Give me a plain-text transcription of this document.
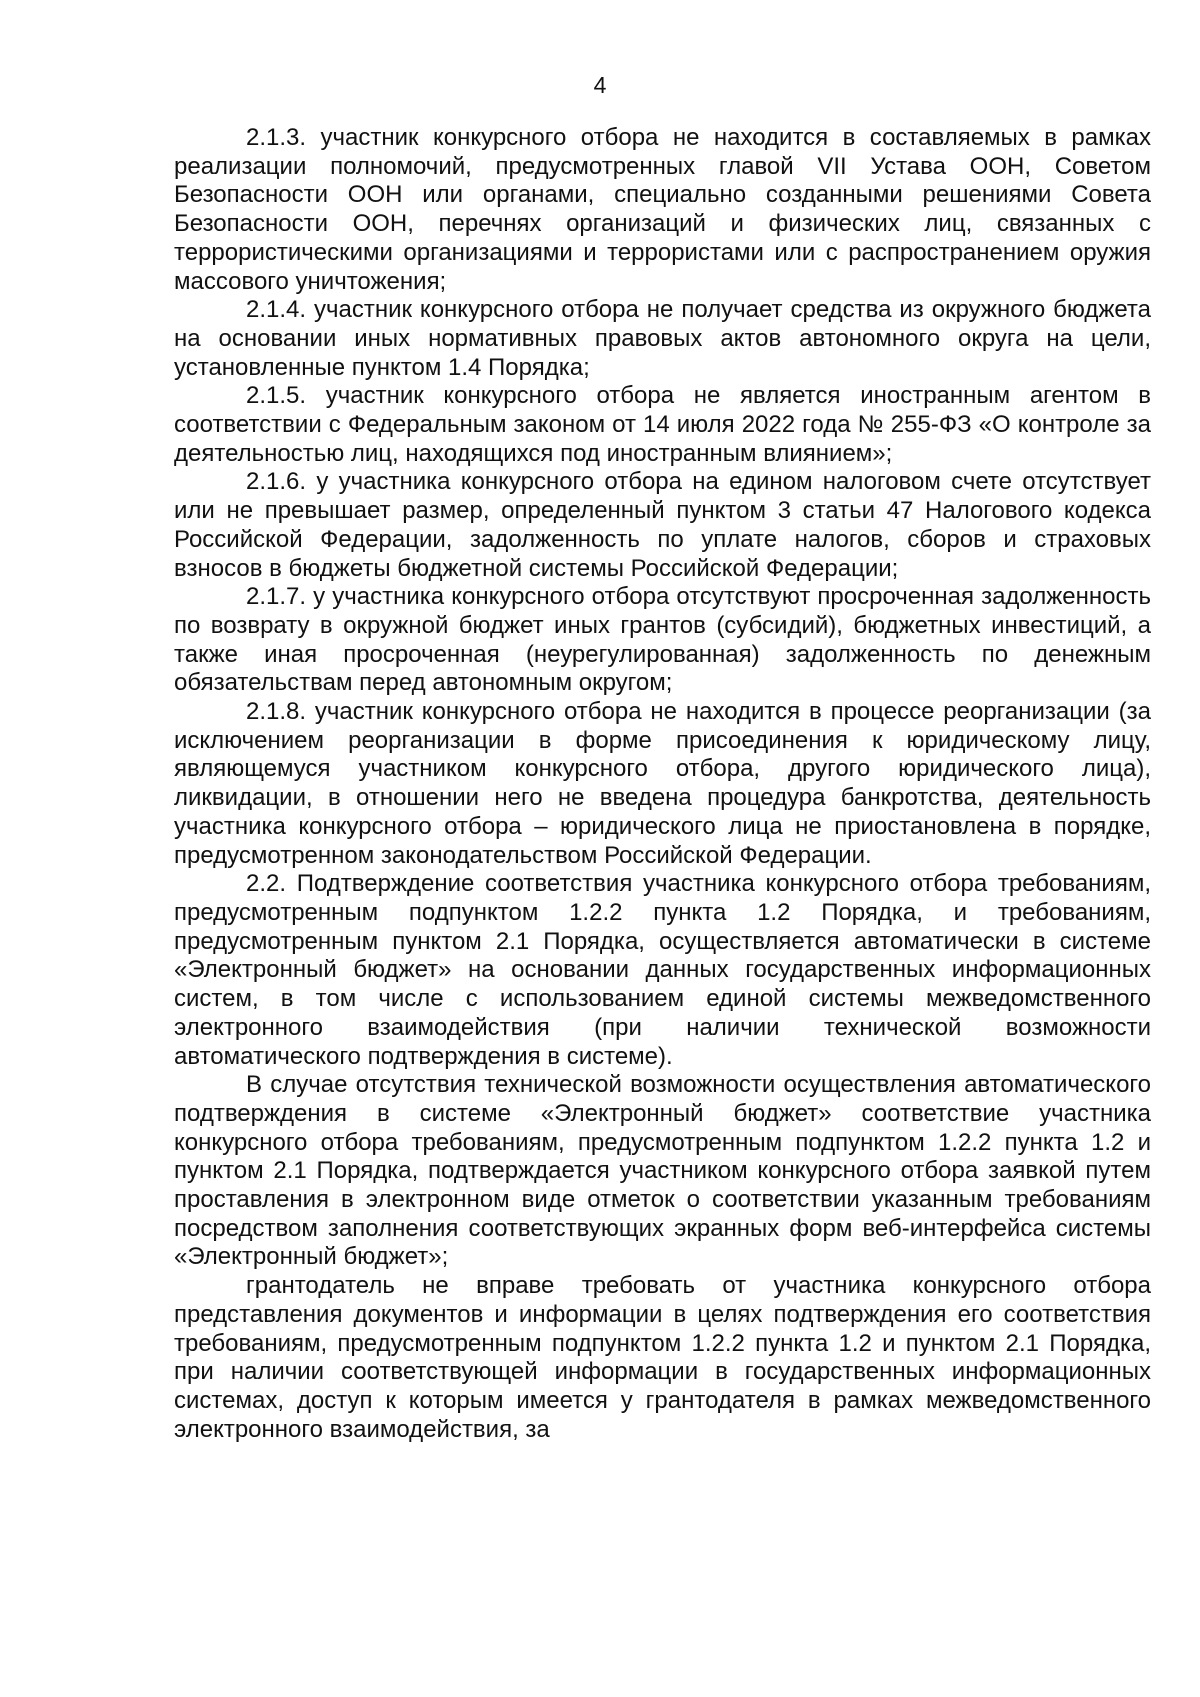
4

2.1.3. участник конкурсного отбора не находится в составляемых в рамках реализации полномочий, предусмотренных главой VII Устава ООН, Советом Безопасности ООН или органами, специально созданными решениями Совета Безопасности ООН, перечнях организаций и физических лиц, связанных с террористическими организациями и террористами или с распространением оружия массового уничтожения;

2.1.4. участник конкурсного отбора не получает средства из окружного бюджета на основании иных нормативных правовых актов автономного округа на цели, установленные пунктом 1.4 Порядка;

2.1.5. участник конкурсного отбора не является иностранным агентом в соответствии с Федеральным законом от 14 июля 2022 года № 255-ФЗ «О контроле за деятельностью лиц, находящихся под иностранным влиянием»;

2.1.6. у участника конкурсного отбора на едином налоговом счете отсутствует или не превышает размер, определенный пунктом 3 статьи 47 Налогового кодекса Российской Федерации, задолженность по уплате налогов, сборов и страховых взносов в бюджеты бюджетной системы Российской Федерации;

2.1.7. у участника конкурсного отбора отсутствуют просроченная задолженность по возврату в окружной бюджет иных грантов (субсидий), бюджетных инвестиций, а также иная просроченная (неурегулированная) задолженность по денежным обязательствам перед автономным округом;

2.1.8. участник конкурсного отбора не находится в процессе реорганизации (за исключением реорганизации в форме присоединения к юридическому лицу, являющемуся участником конкурсного отбора, другого юридического лица), ликвидации, в отношении него не введена процедура банкротства, деятельность участника конкурсного отбора – юридического лица не приостановлена в порядке, предусмотренном законодательством Российской Федерации.

2.2. Подтверждение соответствия участника конкурсного отбора требованиям, предусмотренным подпунктом 1.2.2 пункта 1.2 Порядка, и требованиям, предусмотренным пунктом 2.1 Порядка, осуществляется автоматически в системе «Электронный бюджет» на основании данных государственных информационных систем, в том числе с использованием единой системы межведомственного электронного взаимодействия (при наличии технической возможности автоматического подтверждения в системе).

В случае отсутствия технической возможности осуществления автоматического подтверждения в системе «Электронный бюджет» соответствие участника конкурсного отбора требованиям, предусмотренным подпунктом 1.2.2 пункта 1.2 и пунктом 2.1 Порядка, подтверждается участником конкурсного отбора заявкой путем проставления в электронном виде отметок о соответствии указанным требованиям посредством заполнения соответствующих экранных форм веб-интерфейса системы «Электронный бюджет»;

грантодатель не вправе требовать от участника конкурсного отбора представления документов и информации в целях подтверждения его соответствия требованиям, предусмотренным подпунктом 1.2.2 пункта 1.2 и пунктом 2.1 Порядка, при наличии соответствующей информации в государственных информационных системах, доступ к которым имеется у грантодателя в рамках межведомственного электронного взаимодействия, за
